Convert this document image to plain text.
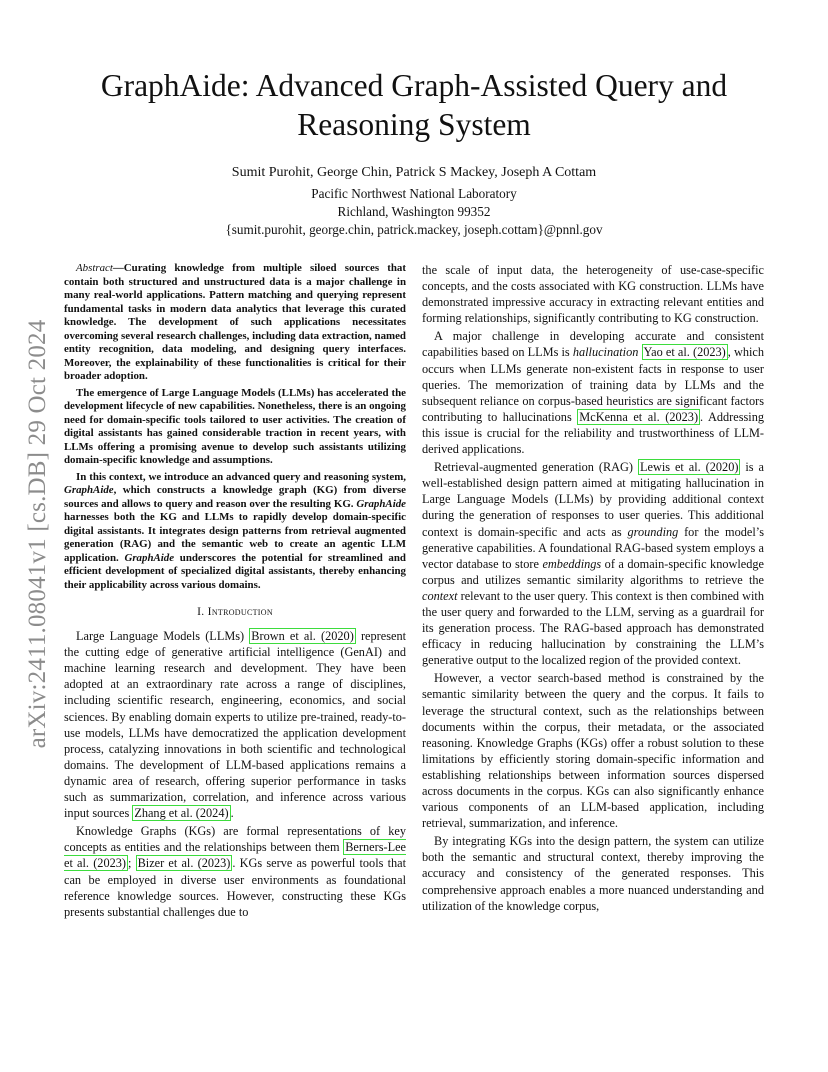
arXiv:2411.08041v1 [cs.DB] 29 Oct 2024
GraphAide: Advanced Graph-Assisted Query and
Reasoning System
Sumit Purohit, George Chin, Patrick S Mackey, Joseph A Cottam
Pacific Northwest National Laboratory
Richland, Washington 99352
{sumit.purohit, george.chin, patrick.mackey, joseph.cottam}@pnnl.gov

Abstract—Curating knowledge from multiple siloed sources that contain both structured and unstructured data is a major challenge in many real-world applications. Pattern matching and querying represent fundamental tasks in modern data analytics that leverage this curated knowledge. The development of such applications necessitates overcoming several research challenges, including data extraction, named entity recognition, data modeling, and designing query interfaces. Moreover, the explainability of these functionalities is critical for their broader adoption.

The emergence of Large Language Models (LLMs) has accelerated the development lifecycle of new capabilities. Nonetheless, there is an ongoing need for domain-specific tools tailored to user activities. The creation of digital assistants has gained considerable traction in recent years, with LLMs offering a promising avenue to develop such assistants utilizing domain-specific knowledge and assumptions.

In this context, we introduce an advanced query and reasoning system, GraphAide, which constructs a knowledge graph (KG) from diverse sources and allows to query and reason over the resulting KG. GraphAide harnesses both the KG and LLMs to rapidly develop domain-specific digital assistants. It integrates design patterns from retrieval augmented generation (RAG) and the semantic web to create an agentic LLM application. GraphAide underscores the potential for streamlined and efficient development of specialized digital assistants, thereby enhancing their applicability across various domains.

I. Introduction

Large Language Models (LLMs) Brown et al. (2020) represent the cutting edge of generative artificial intelligence (GenAI) and machine learning research and development. They have been adopted at an extraordinary rate across a range of disciplines, including scientific research, engineering, economics, and social sciences. By enabling domain experts to utilize pre-trained, ready-to-use models, LLMs have democratized the application development process, catalyzing innovations in both scientific and technological domains. The development of LLM-based applications remains a dynamic area of research, offering superior performance in tasks such as summarization, correlation, and inference across various input sources Zhang et al. (2024) .

Knowledge Graphs (KGs) are formal representations of key concepts as entities and the relationships between them Berners-Lee et al. (2023) ; Bizer et al. (2023) . KGs serve as powerful tools that can be employed in diverse user environments as foundational reference knowledge sources. However, constructing these KGs presents substantial challenges due to

the scale of input data, the heterogeneity of use-case-specific concepts, and the costs associated with KG construction. LLMs have demonstrated impressive accuracy in extracting relevant entities and forming relationships, significantly contributing to KG construction.

A major challenge in developing accurate and consistent capabilities based on LLMs is hallucination Yao et al. (2023) , which occurs when LLMs generate non-existent facts in response to user queries. The memorization of training data by LLMs and the subsequent reliance on corpus-based heuristics are significant factors contributing to hallucinations McKenna et al. (2023) . Addressing this issue is crucial for the reliability and trustworthiness of LLM-derived applications.

Retrieval-augmented generation (RAG) Lewis et al. (2020) is a well-established design pattern aimed at mitigating hallucination in Large Language Models (LLMs) by providing additional context during the generation of responses to user queries. This additional context is domain-specific and acts as grounding for the model’s generative capabilities. A foundational RAG-based system employs a vector database to store embeddings of a domain-specific knowledge corpus and utilizes semantic similarity algorithms to retrieve the context relevant to the user query. This context is then combined with the user query and forwarded to the LLM, serving as a guardrail for its generation process. The RAG-based approach has demonstrated efficacy in reducing hallucination by constraining the LLM’s generative output to the localized region of the provided context.

However, a vector search-based method is constrained by the semantic similarity between the query and the corpus. It fails to leverage the structural context, such as the relationships between documents within the corpus, their metadata, or the associated reasoning. Knowledge Graphs (KGs) offer a robust solution to these limitations by efficiently storing domain-specific information and establishing relationships between information sources dispersed across documents in the corpus. KGs can also significantly enhance various components of an LLM-based application, including retrieval, summarization, and inference.

By integrating KGs into the design pattern, the system can utilize both the semantic and structural context, thereby improving the accuracy and consistency of the generated responses. This comprehensive approach enables a more nuanced understanding and utilization of the knowledge corpus,
